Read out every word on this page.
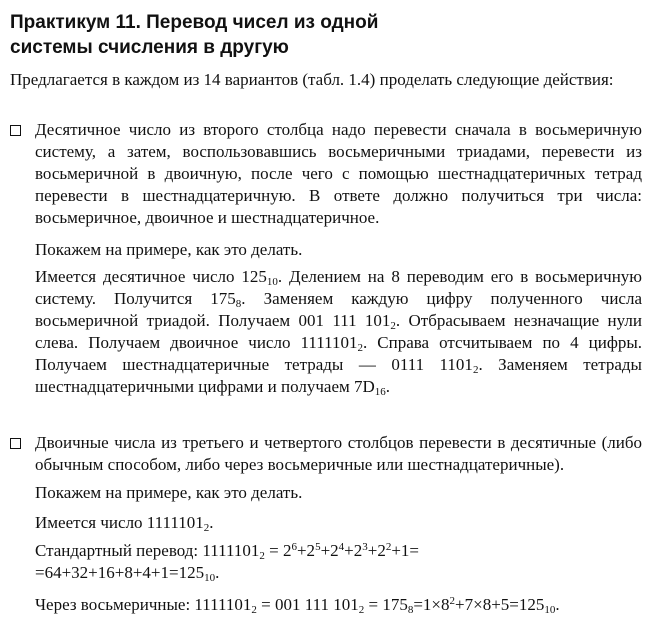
Практикум 11. Перевод чисел из одной
системы счисления в другую

Предлагается в каждом из 14 вариантов (табл. 1.4) проделать следующие действия:

Десятичное число из второго столбца надо перевести сначала в восьмеричную систему, а затем, воспользовавшись восьмеричными триадами, перевести из восьмеричной в двоичную, после чего с помощью шестнадцатеричных тетрад перевести в шестнадцатеричную. В ответе должно получиться три числа: восьмеричное, двоичное и шестнадцатеричное.

Покажем на примере, как это делать.

Имеется десятичное число $125_{10}$. Делением на 8 переводим его в восьмеричную систему. Получится $175_8$. Заменяем каждую цифру полученного числа восьмеричной триадой. Получаем 001 111 $101_2$. Отбрасываем незначащие нули слева. Получаем двоичное число $1111101_2$. Справа отсчитываем по 4 цифры. Получаем шестнадцатеричные тетрады — 0111 $1101_2$. Заменяем тетрады шестнадцатеричными цифрами и получаем $7D_{16}$.

Двоичные числа из третьего и четвертого столбцов перевести в десятичные (либо обычным способом, либо через восьмеричные или шестнадцатеричные).

Покажем на примере, как это делать.

Имеется число $1111101_2$.

Стандартный перевод: $1111101_2 = 2^6+2^5+2^4+2^3+2^2+1=$
$=64+32+16+8+4+1=125_{10}$.

Через восьмеричные: $1111101_2 = 001$ 111 $101_2 = 175_8=1\times 8^2+7\times 8+5=125_{10}$.
